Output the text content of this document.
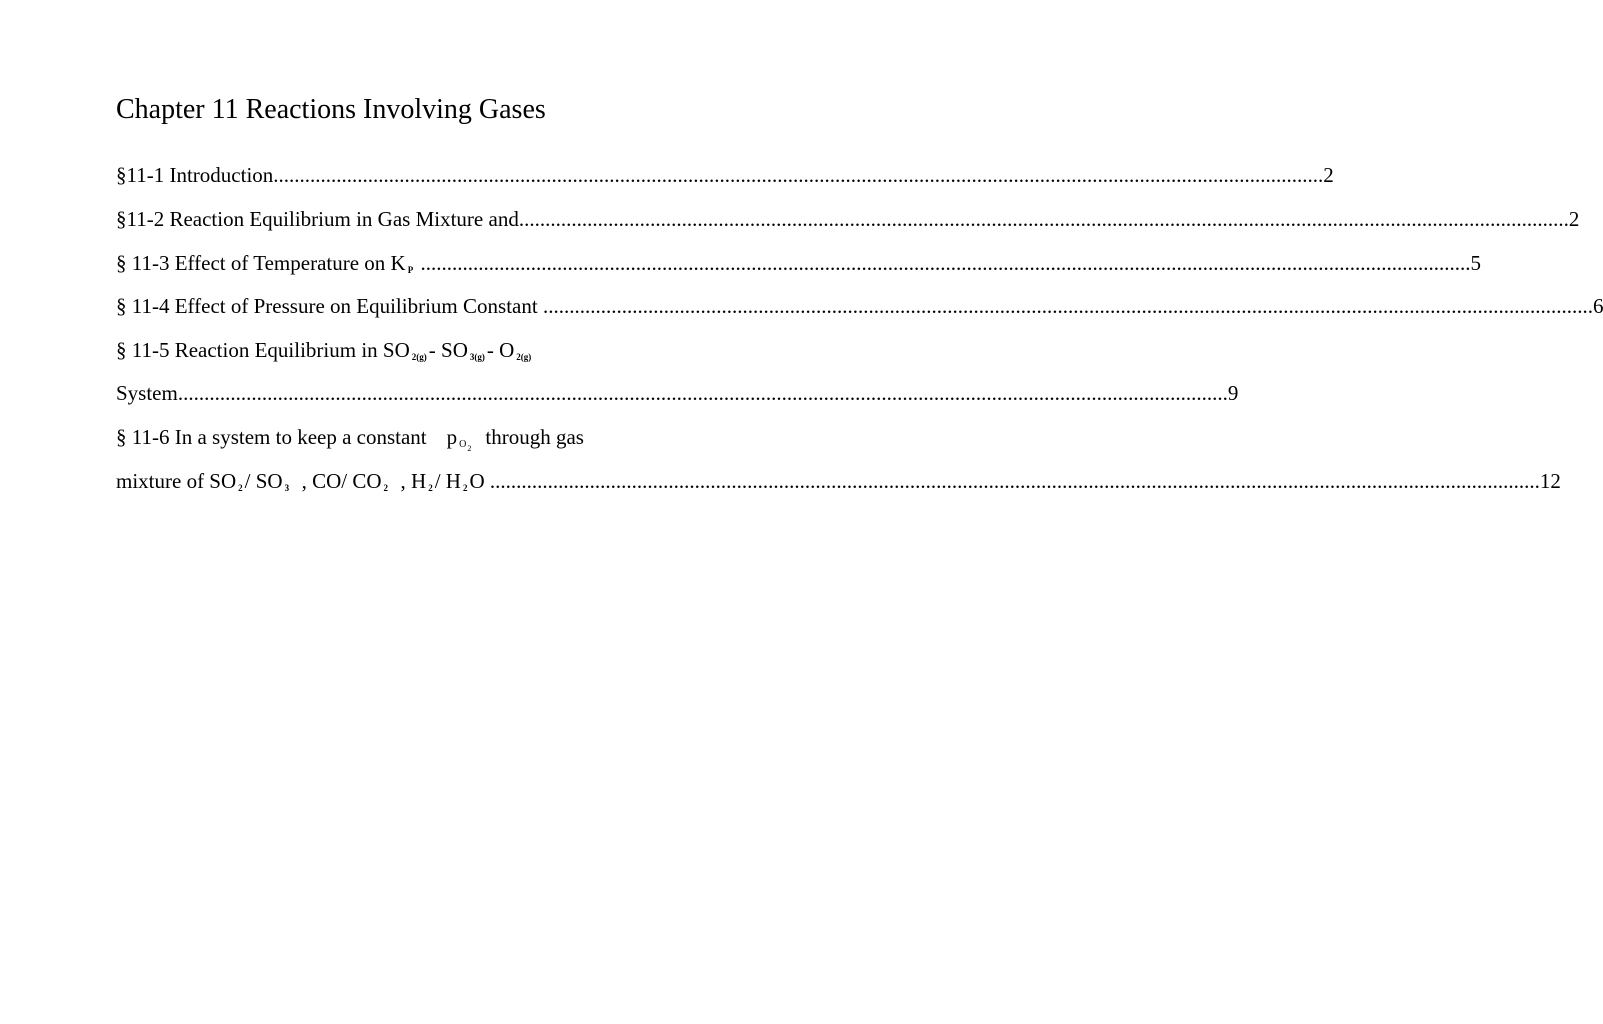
Chapter 11 Reactions Involving Gases
§11-1 Introduction ........................................................................................................................................................................................................ 2
§11-2 Reaction Equilibrium in Gas Mixture and ........................................................................................................................................................................................................ 2
§ 11-3 Effect of Temperature on K $_P$ ........................................................................................................................................................................................................ 5
§ 11-4 Effect of Pressure on Equilibrium Constant ........................................................................................................................................................................................................ 6
§ 11-5 Reaction Equilibrium in SO $_{2(g)}$- SO $_{3(g)}$- O $_{2(g)}$
System ........................................................................................................................................................................................................ 9
§ 11-6 In a system to keep a constant p $_{O_2}$ through gas
mixture of SO $_2$/ SO $_3$ , CO/ CO $_2$ , H $_2$/ H $_2$O ........................................................................................................................................................................................................ 12
